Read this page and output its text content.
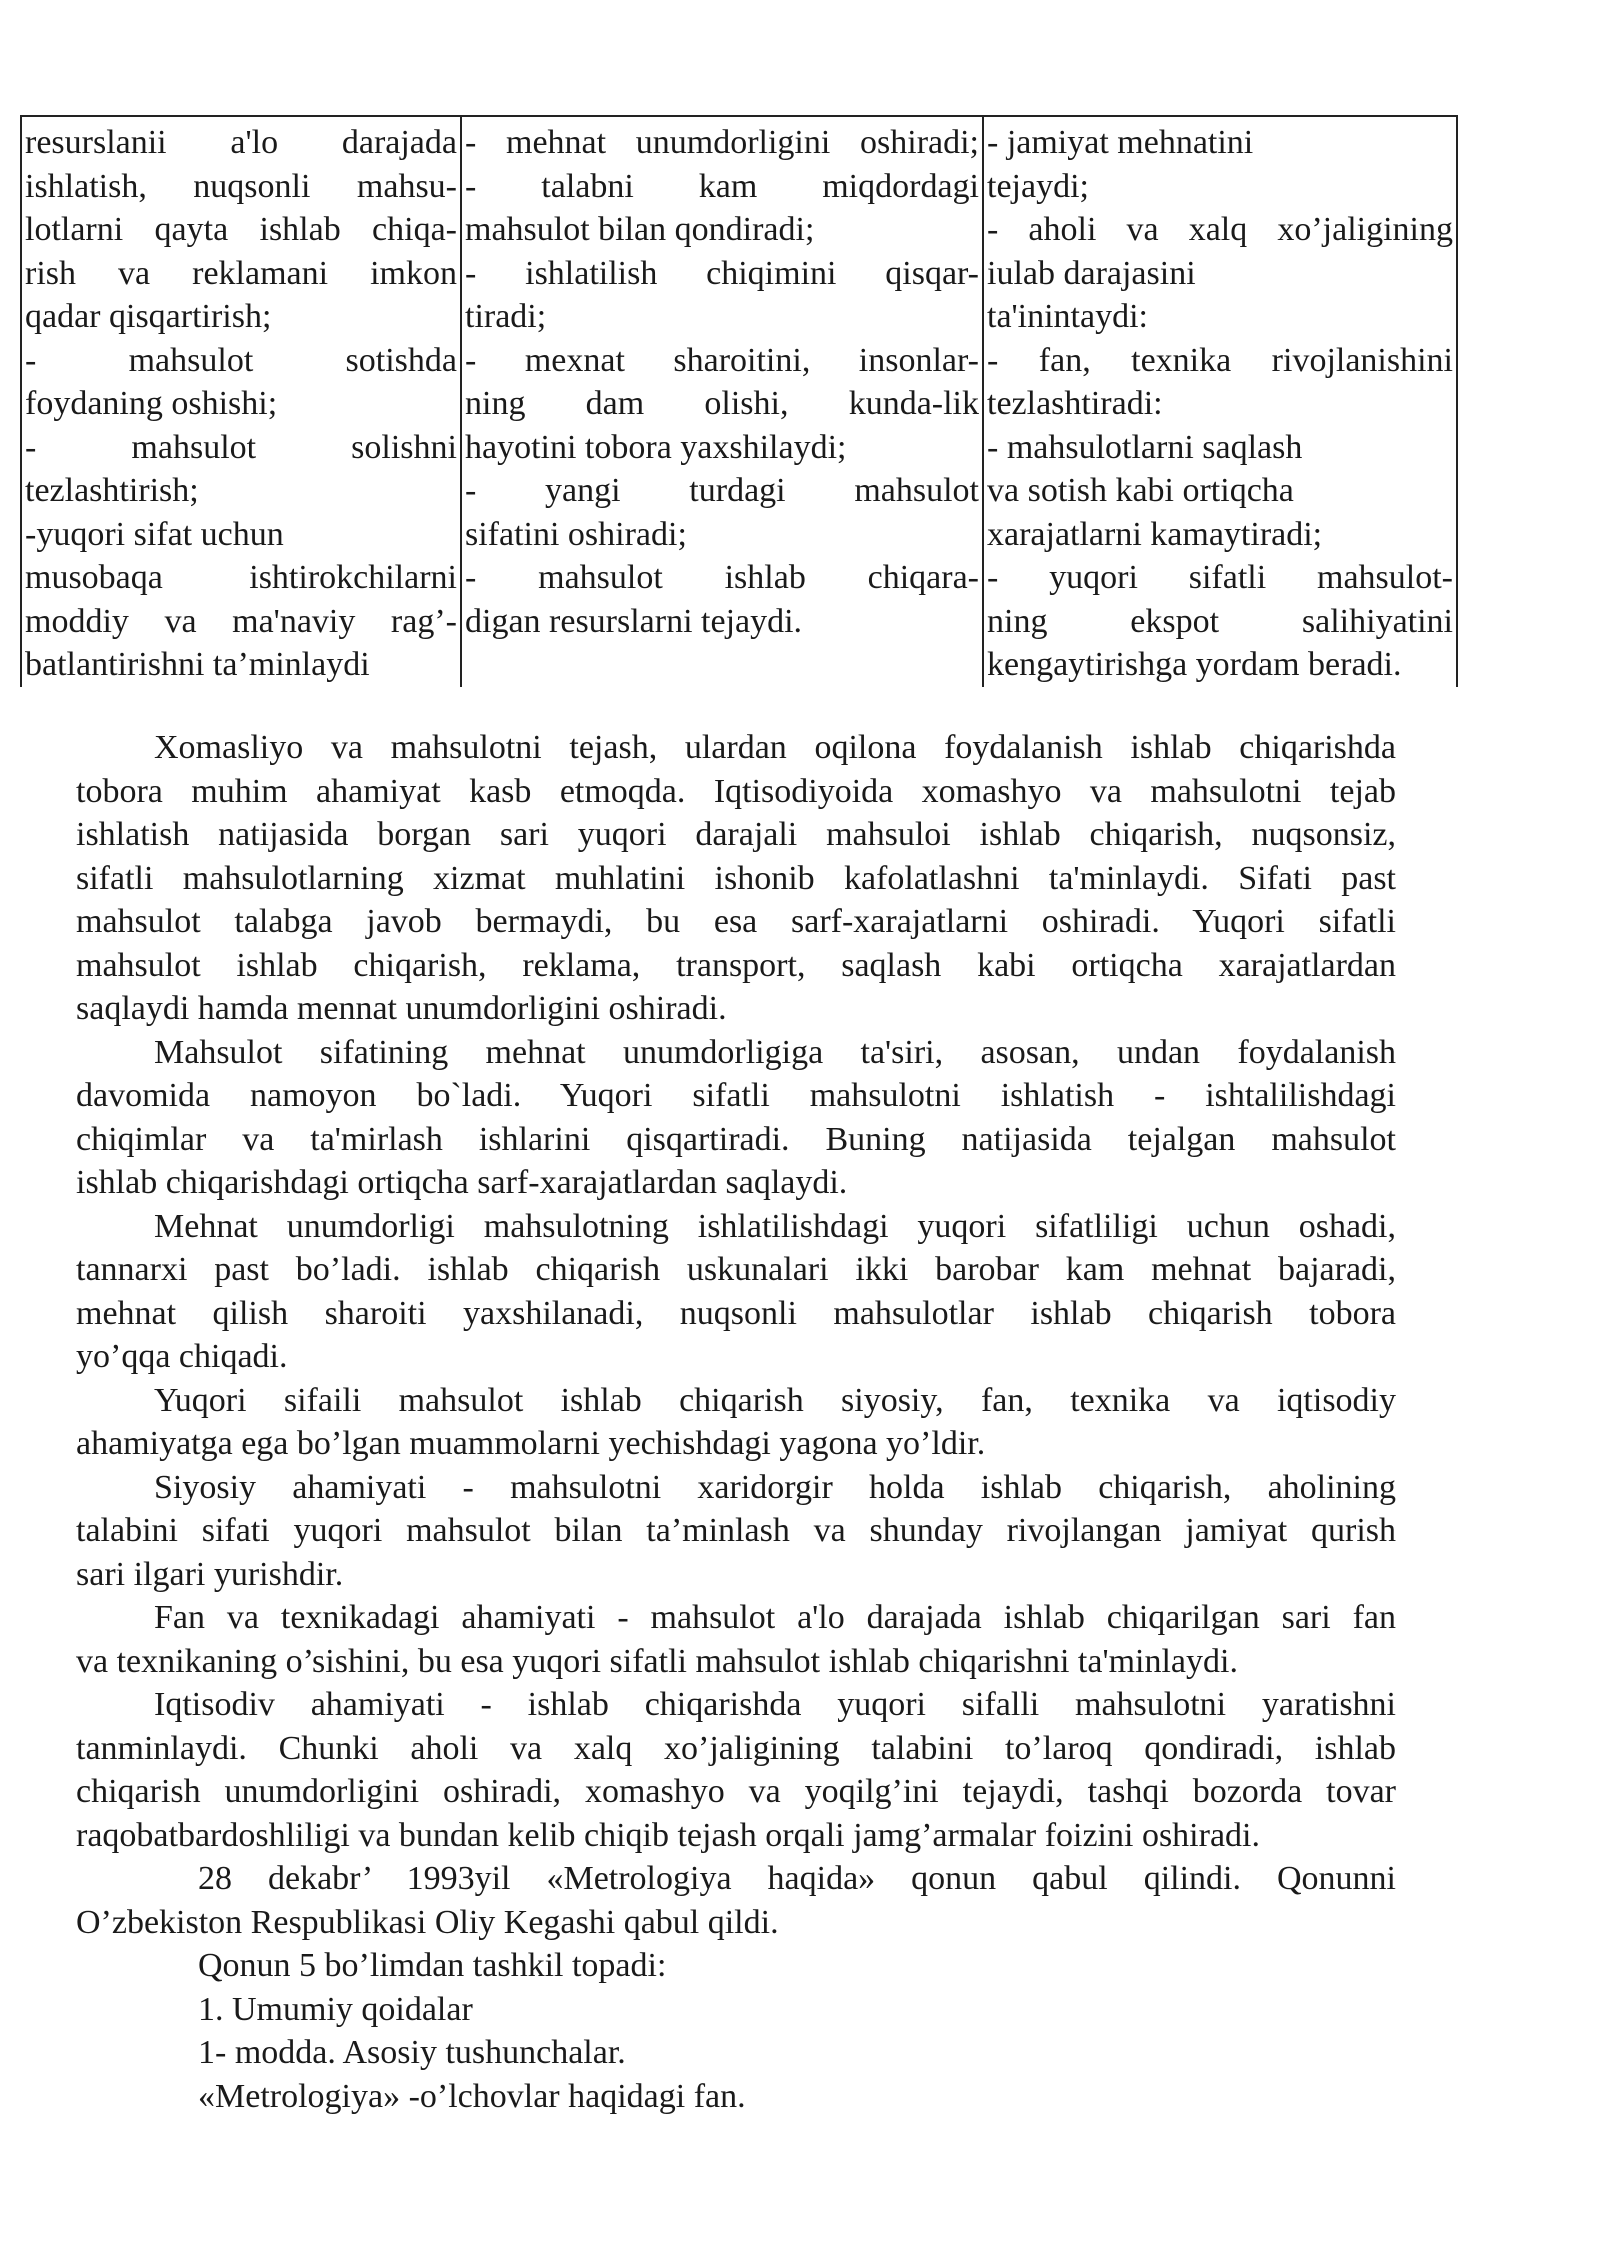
resurslanii a'lo darajada
ishlatish, nuqsonli mahsu-
lotlarni qayta ishlab chiqa-
rish va reklamani imkon
qadar qisqartirish;
- mahsulot sotishda
foydaning oshishi;
- mahsulot solishni
tezlashtirish;
-yuqori sifat uchun
musobaqa ishtirokchilarni
moddiy va ma'naviy rag’-
batlantirishni ta’minlaydi
- mehnat unumdorligini oshiradi;
- talabni kam miqdordagi
mahsulot bilan qondiradi;
- ishlatilish chiqimini qisqar-
tiradi;
- mexnat sharoitini, insonlar-
ning dam olishi, kunda-lik
hayotini tobora yaxshilaydi;
- yangi turdagi mahsulot
sifatini oshiradi;
- mahsulot ishlab chiqara-
digan resurslarni tejaydi.
- jamiyat mehnatini
tejaydi;
- aholi va xalq xo’jaligining
iulab darajasini
ta'inintaydi:
- fan, texnika rivojlanishini
tezlashtiradi:
- mahsulotlarni saqlash
va sotish kabi ortiqcha
xarajatlarni kamaytiradi;
- yuqori sifatli mahsulot-
ning ekspot salihiyatini
kengaytirishga yordam beradi.
Xomasliyo va mahsulotni tejash, ulardan oqilona foydalanish ishlab chiqarishda
tobora muhim ahamiyat kasb etmoqda. Iqtisodiyoida xomashyo va mahsulotni tejab
ishlatish natijasida borgan sari yuqori darajali mahsuloi ishlab chiqarish, nuqsonsiz,
sifatli mahsulotlarning xizmat muhlatini ishonib kafolatlashni ta'minlaydi. Sifati past
mahsulot talabga javob bermaydi, bu esa sarf-xarajatlarni oshiradi. Yuqori sifatli
mahsulot ishlab chiqarish, reklama, transport, saqlash kabi ortiqcha xarajatlardan
saqlaydi hamda mennat unumdorligini oshiradi.
Mahsulot sifatining mehnat unumdorligiga ta'siri, asosan, undan foydalanish
davomida namoyon bo`ladi. Yuqori sifatli mahsulotni ishlatish - ishtalilishdagi
chiqimlar va ta'mirlash ishlarini qisqartiradi. Buning natijasida tejalgan mahsulot
ishlab chiqarishdagi ortiqcha sarf-xarajatlardan saqlaydi.
Mehnat unumdorligi mahsulotning ishlatilishdagi yuqori sifatliligi uchun oshadi,
tannarxi past bo’ladi. ishlab chiqarish uskunalari ikki barobar kam mehnat bajaradi,
mehnat qilish sharoiti yaxshilanadi, nuqsonli mahsulotlar ishlab chiqarish tobora
yo’qqa chiqadi.
Yuqori sifaili mahsulot ishlab chiqarish siyosiy, fan, texnika va iqtisodiy
ahamiyatga ega bo’lgan muammolarni yechishdagi yagona yo’ldir.
Siyosiy ahamiyati - mahsulotni xaridorgir holda ishlab chiqarish, aholining
talabini sifati yuqori mahsulot bilan ta’minlash va shunday rivojlangan jamiyat qurish
sari ilgari yurishdir.
Fan va texnikadagi ahamiyati - mahsulot a'lo darajada ishlab chiqarilgan sari fan
va texnikaning o’sishini, bu esa yuqori sifatli mahsulot ishlab chiqarishni ta'minlaydi.
Iqtisodiv ahamiyati - ishlab chiqarishda yuqori sifalli mahsulotni yaratishni
tanminlaydi. Chunki aholi va xalq xo’jaligining talabini to’laroq qondiradi, ishlab
chiqarish unumdorligini oshiradi, xomashyo va yoqilg’ini tejaydi, tashqi bozorda tovar
raqobatbardoshliligi va bundan kelib chiqib tejash orqali jamg’armalar foizini oshiradi.
28 dekabr’ 1993yil «Metrologiya haqida» qonun qabul qilindi. Qonunni
O’zbekiston Respublikasi Oliy Kegashi qabul qildi.
Qonun 5 bo’limdan tashkil topadi:
1. Umumiy qoidalar
1- modda. Asosiy tushunchalar.
«Metrologiya» -o’lchovlar haqidagi fan.
